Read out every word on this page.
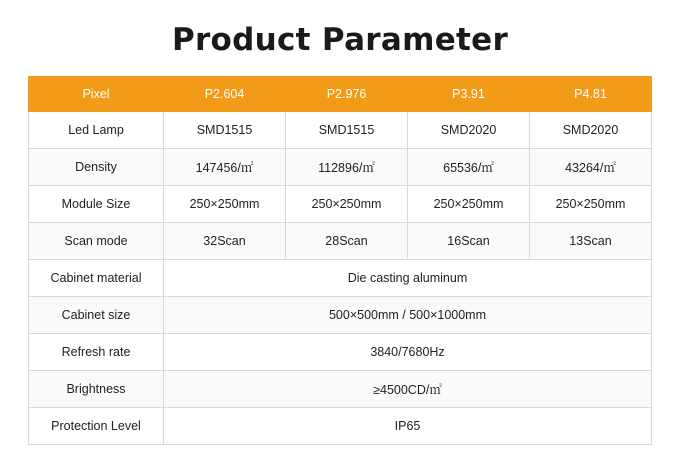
Product Parameter
Pixel	P2.604	P2.976	P3.91	P4.81
Led Lamp	SMD1515	SMD1515	SMD2020	SMD2020
Density	147456/㎡	112896/㎡	65536/㎡	43264/㎡
Module Size	250×250mm	250×250mm	250×250mm	250×250mm
Scan mode	32Scan	28Scan	16Scan	13Scan
Cabinet material	Die casting aluminum			
Cabinet size	500×500mm / 500×1000mm			
Refresh rate	3840/7680Hz			
Brightness	≥4500CD/㎡			
Protection Level	IP65			
